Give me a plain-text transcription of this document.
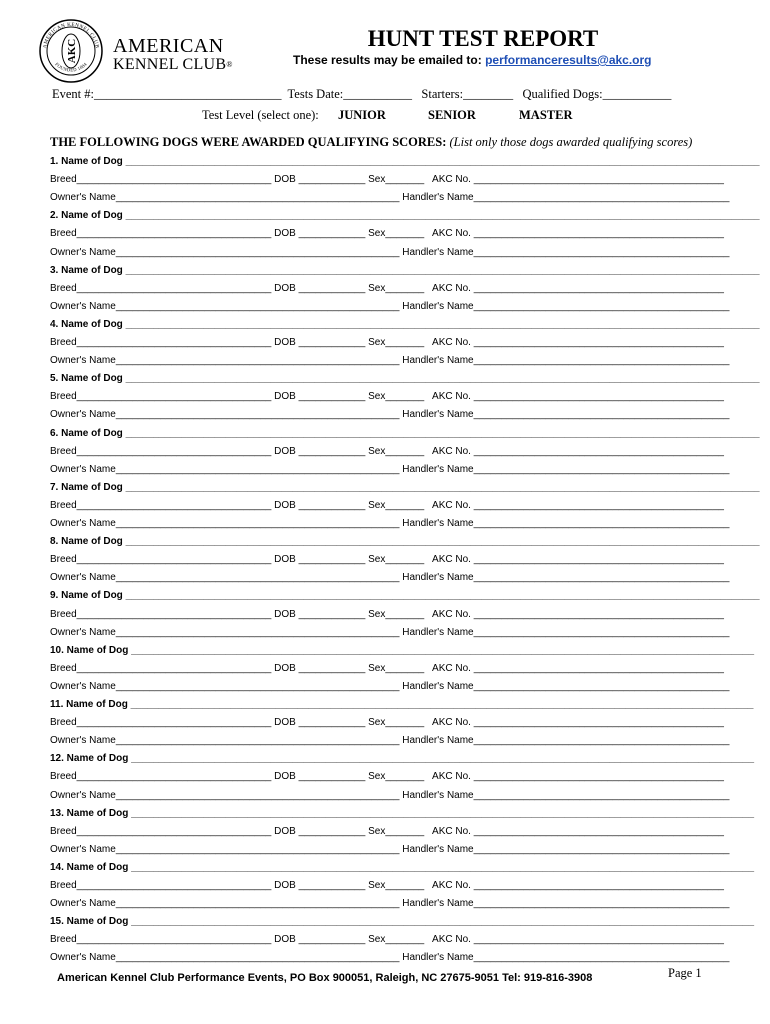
AMERICAN KENNEL CLUB
FOUNDED 1884
AKC AMERICAN
KENNEL CLUB®
HUNT TEST REPORT
These results may be emailed to: performanceresults@akc.org
Event #:______________________________ Tests Date:___________ Starters:________ Qualified Dogs:___________
Test Level (select one): JUNIOR	SENIOR	MASTER
THE FOLLOWING DOGS WERE AWARDED QUALIFYING SCORES: (List only those dogs awarded qualifying scores)
1. Name of Dog __________________________________________________________________________________________________________________
Breed___________________________________ DOB ____________ Sex_______   AKC No. _____________________________________________
Owner's Name___________________________________________________ Handler's Name______________________________________________
2. Name of Dog __________________________________________________________________________________________________________________
Breed___________________________________ DOB ____________ Sex_______   AKC No. _____________________________________________
Owner's Name___________________________________________________ Handler's Name______________________________________________
3. Name of Dog __________________________________________________________________________________________________________________
Breed___________________________________ DOB ____________ Sex_______   AKC No. _____________________________________________
Owner's Name___________________________________________________ Handler's Name______________________________________________
4. Name of Dog __________________________________________________________________________________________________________________
Breed___________________________________ DOB ____________ Sex_______   AKC No. _____________________________________________
Owner's Name___________________________________________________ Handler's Name______________________________________________
5. Name of Dog __________________________________________________________________________________________________________________
Breed___________________________________ DOB ____________ Sex_______   AKC No. _____________________________________________
Owner's Name___________________________________________________ Handler's Name______________________________________________
6. Name of Dog __________________________________________________________________________________________________________________
Breed___________________________________ DOB ____________ Sex_______   AKC No. _____________________________________________
Owner's Name___________________________________________________ Handler's Name______________________________________________
7. Name of Dog __________________________________________________________________________________________________________________
Breed___________________________________ DOB ____________ Sex_______   AKC No. _____________________________________________
Owner's Name___________________________________________________ Handler's Name______________________________________________
8. Name of Dog __________________________________________________________________________________________________________________
Breed___________________________________ DOB ____________ Sex_______   AKC No. _____________________________________________
Owner's Name___________________________________________________ Handler's Name______________________________________________
9. Name of Dog __________________________________________________________________________________________________________________
Breed___________________________________ DOB ____________ Sex_______   AKC No. _____________________________________________
Owner's Name___________________________________________________ Handler's Name______________________________________________
10. Name of Dog ________________________________________________________________________________________________________________
Breed___________________________________ DOB ____________ Sex_______   AKC No. _____________________________________________
Owner's Name___________________________________________________ Handler's Name______________________________________________
11. Name of Dog ________________________________________________________________________________________________________________
Breed___________________________________ DOB ____________ Sex_______   AKC No. _____________________________________________
Owner's Name___________________________________________________ Handler's Name______________________________________________
12. Name of Dog ________________________________________________________________________________________________________________
Breed___________________________________ DOB ____________ Sex_______   AKC No. _____________________________________________
Owner's Name___________________________________________________ Handler's Name______________________________________________
13. Name of Dog ________________________________________________________________________________________________________________
Breed___________________________________ DOB ____________ Sex_______   AKC No. _____________________________________________
Owner's Name___________________________________________________ Handler's Name______________________________________________
14. Name of Dog ________________________________________________________________________________________________________________
Breed___________________________________ DOB ____________ Sex_______   AKC No. _____________________________________________
Owner's Name___________________________________________________ Handler's Name______________________________________________
15. Name of Dog ________________________________________________________________________________________________________________
Breed___________________________________ DOB ____________ Sex_______   AKC No. _____________________________________________
Owner's Name___________________________________________________ Handler's Name______________________________________________
American Kennel Club Performance Events, PO Box 900051, Raleigh, NC 27675-9051 Tel: 919-816-3908	Page 1
